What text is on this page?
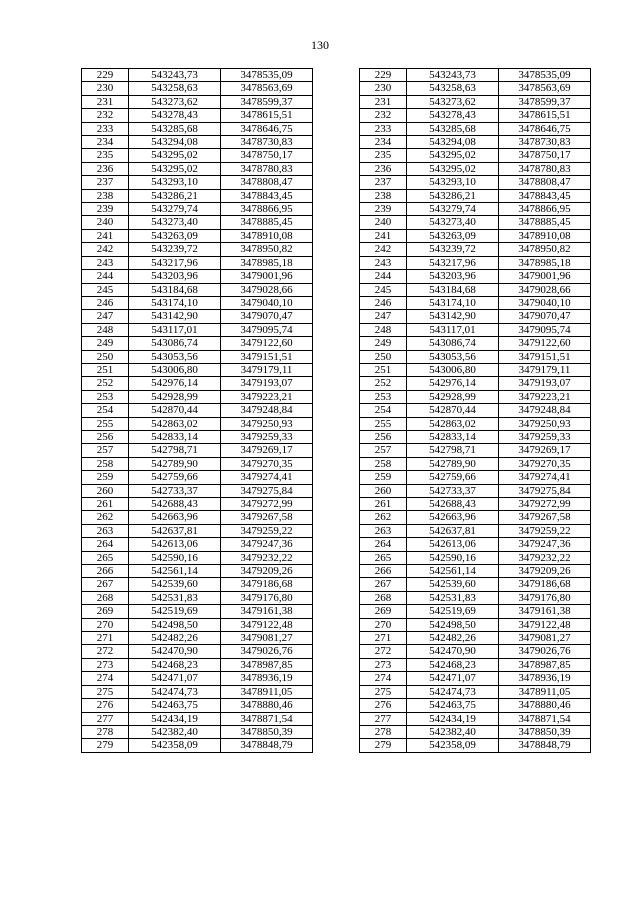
130
229	543243,73	3478535,09
230	543258,63	3478563,69
231	543273,62	3478599,37
232	543278,43	3478615,51
233	543285,68	3478646,75
234	543294,08	3478730,83
235	543295,02	3478750,17
236	543295,02	3478780,83
237	543293,10	3478808,47
238	543286,21	3478843,45
239	543279,74	3478866,95
240	543273,40	3478885,45
241	543263,09	3478910,08
242	543239,72	3478950,82
243	543217,96	3478985,18
244	543203,96	3479001,96
245	543184,68	3479028,66
246	543174,10	3479040,10
247	543142,90	3479070,47
248	543117,01	3479095,74
249	543086,74	3479122,60
250	543053,56	3479151,51
251	543006,80	3479179,11
252	542976,14	3479193,07
253	542928,99	3479223,21
254	542870,44	3479248,84
255	542863,02	3479250,93
256	542833,14	3479259,33
257	542798,71	3479269,17
258	542789,90	3479270,35
259	542759,66	3479274,41
260	542733,37	3479275,84
261	542688,43	3479272,99
262	542663,96	3479267,58
263	542637,81	3479259,22
264	542613,06	3479247,36
265	542590,16	3479232,22
266	542561,14	3479209,26
267	542539,60	3479186,68
268	542531,83	3479176,80
269	542519,69	3479161,38
270	542498,50	3479122,48
271	542482,26	3479081,27
272	542470,90	3479026,76
273	542468,23	3478987,85
274	542471,07	3478936,19
275	542474,73	3478911,05
276	542463,75	3478880,46
277	542434,19	3478871,54
278	542382,40	3478850,39
279	542358,09	3478848,79
229	543243,73	3478535,09
230	543258,63	3478563,69
231	543273,62	3478599,37
232	543278,43	3478615,51
233	543285,68	3478646,75
234	543294,08	3478730,83
235	543295,02	3478750,17
236	543295,02	3478780,83
237	543293,10	3478808,47
238	543286,21	3478843,45
239	543279,74	3478866,95
240	543273,40	3478885,45
241	543263,09	3478910,08
242	543239,72	3478950,82
243	543217,96	3478985,18
244	543203,96	3479001,96
245	543184,68	3479028,66
246	543174,10	3479040,10
247	543142,90	3479070,47
248	543117,01	3479095,74
249	543086,74	3479122,60
250	543053,56	3479151,51
251	543006,80	3479179,11
252	542976,14	3479193,07
253	542928,99	3479223,21
254	542870,44	3479248,84
255	542863,02	3479250,93
256	542833,14	3479259,33
257	542798,71	3479269,17
258	542789,90	3479270,35
259	542759,66	3479274,41
260	542733,37	3479275,84
261	542688,43	3479272,99
262	542663,96	3479267,58
263	542637,81	3479259,22
264	542613,06	3479247,36
265	542590,16	3479232,22
266	542561,14	3479209,26
267	542539,60	3479186,68
268	542531,83	3479176,80
269	542519,69	3479161,38
270	542498,50	3479122,48
271	542482,26	3479081,27
272	542470,90	3479026,76
273	542468,23	3478987,85
274	542471,07	3478936,19
275	542474,73	3478911,05
276	542463,75	3478880,46
277	542434,19	3478871,54
278	542382,40	3478850,39
279	542358,09	3478848,79
